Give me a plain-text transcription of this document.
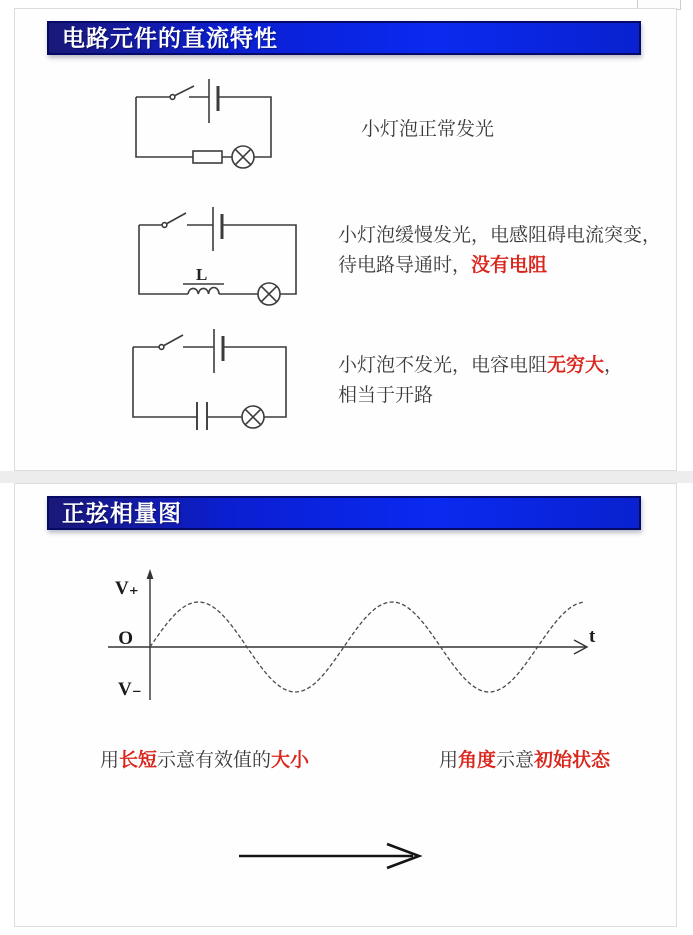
电路元件的直流特性
小灯泡正常发光
L
小灯泡缓慢发光，电感阻碍电流突变，
待电路导通时，没有电阻
小灯泡不发光，电容电阻无穷大，
相当于开路
正弦相量图
V₊
O
V₋
t
用长短示意有效值的大小	用角度示意初始状态
